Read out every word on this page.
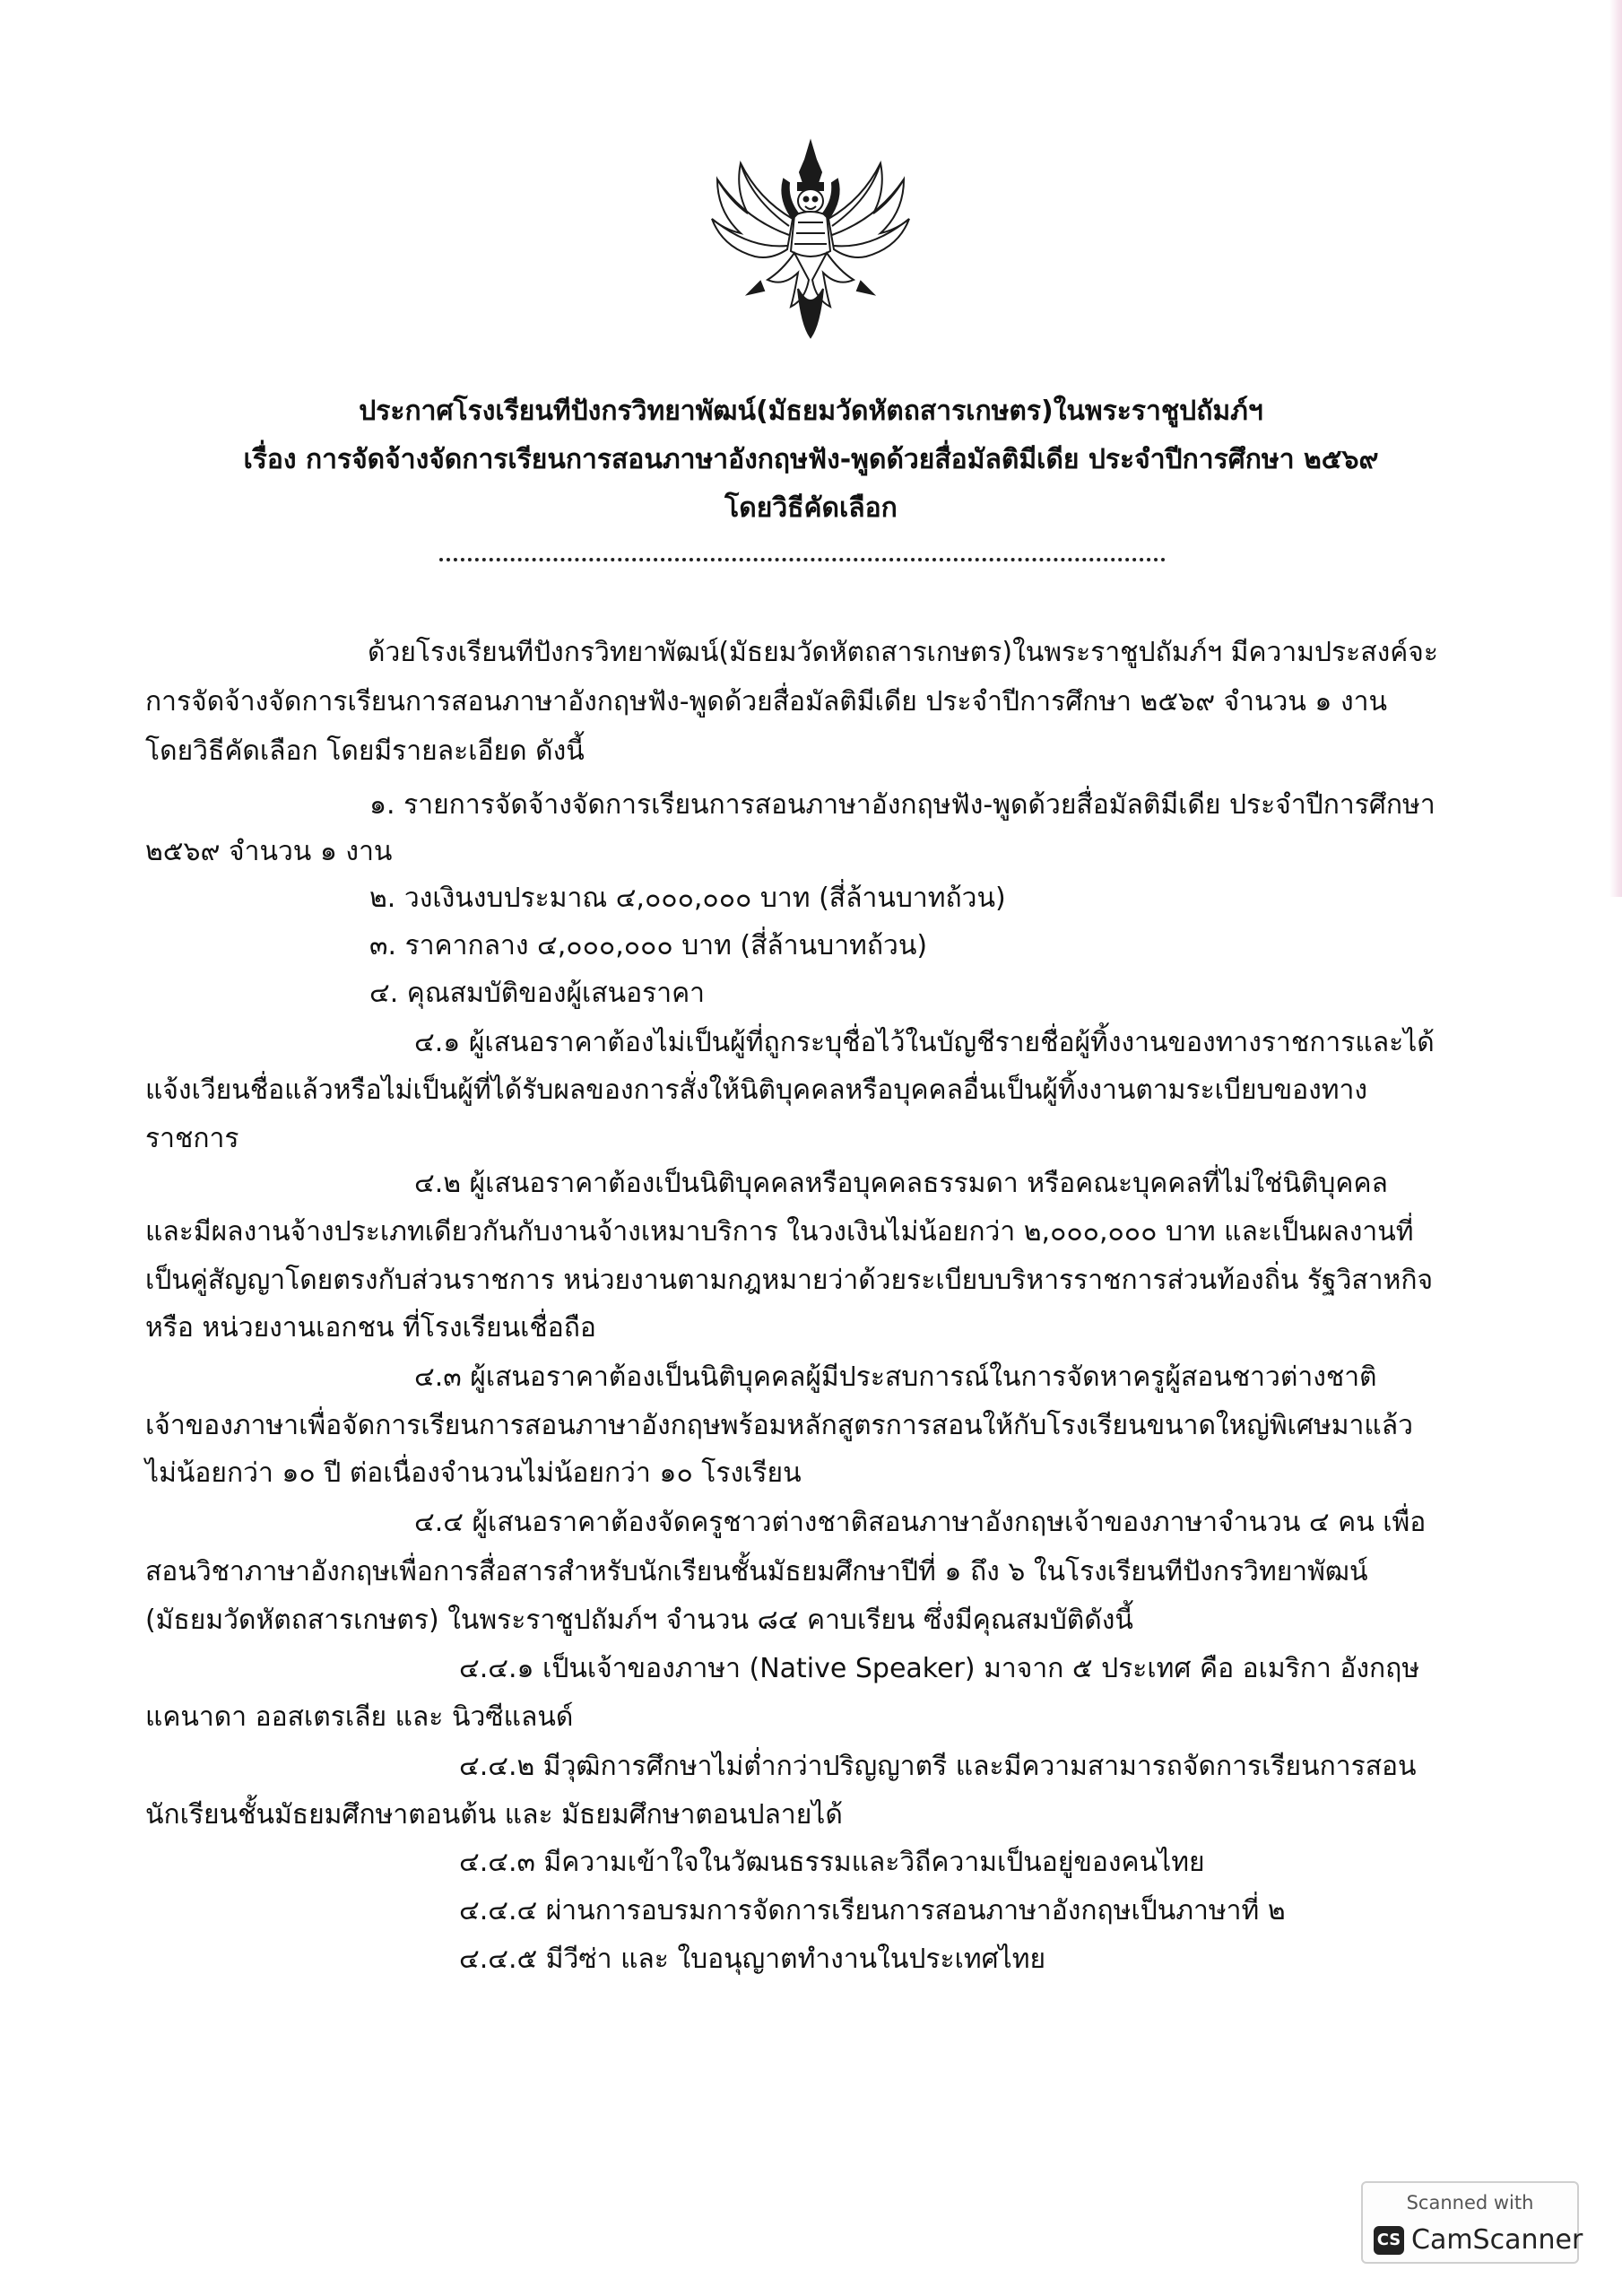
ประกาศโรงเรียนทีปังกรวิทยาพัฒน์(มัธยมวัดหัตถสารเกษตร)ในพระราชูปถัมภ์ฯ
เรื่อง การจัดจ้างจัดการเรียนการสอนภาษาอังกฤษฟัง-พูดด้วยสื่อมัลติมีเดีย ประจำปีการศึกษา ๒๕๖๙
โดยวิธีคัดเลือก
ด้วยโรงเรียนทีปังกรวิทยาพัฒน์(มัธยมวัดหัตถสารเกษตร)ในพระราชูปถัมภ์ฯ มีความประสงค์จะ
การจัดจ้างจัดการเรียนการสอนภาษาอังกฤษฟัง-พูดด้วยสื่อมัลติมีเดีย ประจำปีการศึกษา ๒๕๖๙ จำนวน ๑ งาน
โดยวิธีคัดเลือก โดยมีรายละเอียด ดังนี้
๑. รายการจัดจ้างจัดการเรียนการสอนภาษาอังกฤษฟัง-พูดด้วยสื่อมัลติมีเดีย ประจำปีการศึกษา
๒๕๖๙ จำนวน ๑ งาน
๒. วงเงินงบประมาณ ๔,๐๐๐,๐๐๐ บาท (สี่ล้านบาทถ้วน)
๓. ราคากลาง ๔,๐๐๐,๐๐๐ บาท (สี่ล้านบาทถ้วน)
๔. คุณสมบัติของผู้เสนอราคา
๔.๑ ผู้เสนอราคาต้องไม่เป็นผู้ที่ถูกระบุชื่อไว้ในบัญชีรายชื่อผู้ทิ้งงานของทางราชการและได้
แจ้งเวียนชื่อแล้วหรือไม่เป็นผู้ที่ได้รับผลของการสั่งให้นิติบุคคลหรือบุคคลอื่นเป็นผู้ทิ้งงานตามระเบียบของทาง
ราชการ
๔.๒ ผู้เสนอราคาต้องเป็นนิติบุคคลหรือบุคคลธรรมดา หรือคณะบุคคลที่ไม่ใช่นิติบุคคล
และมีผลงานจ้างประเภทเดียวกันกับงานจ้างเหมาบริการ ในวงเงินไม่น้อยกว่า ๒,๐๐๐,๐๐๐ บาท และเป็นผลงานที่
เป็นคู่สัญญาโดยตรงกับส่วนราชการ หน่วยงานตามกฎหมายว่าด้วยระเบียบบริหารราชการส่วนท้องถิ่น รัฐวิสาหกิจ
หรือ หน่วยงานเอกชน ที่โรงเรียนเชื่อถือ
๔.๓ ผู้เสนอราคาต้องเป็นนิติบุคคลผู้มีประสบการณ์ในการจัดหาครูผู้สอนชาวต่างชาติ
เจ้าของภาษาเพื่อจัดการเรียนการสอนภาษาอังกฤษพร้อมหลักสูตรการสอนให้กับโรงเรียนขนาดใหญ่พิเศษมาแล้ว
ไม่น้อยกว่า ๑๐ ปี ต่อเนื่องจำนวนไม่น้อยกว่า ๑๐ โรงเรียน
๔.๔ ผู้เสนอราคาต้องจัดครูชาวต่างชาติสอนภาษาอังกฤษเจ้าของภาษาจำนวน ๔ คน เพื่อ
สอนวิชาภาษาอังกฤษเพื่อการสื่อสารสำหรับนักเรียนชั้นมัธยมศึกษาปีที่ ๑ ถึง ๖ ในโรงเรียนทีปังกรวิทยาพัฒน์
(มัธยมวัดหัตถสารเกษตร) ในพระราชูปถัมภ์ฯ จำนวน ๘๔ คาบเรียน ซึ่งมีคุณสมบัติดังนี้
๔.๔.๑ เป็นเจ้าของภาษา (Native Speaker) มาจาก ๕ ประเทศ คือ อเมริกา อังกฤษ
แคนาดา ออสเตรเลีย และ นิวซีแลนด์
๔.๔.๒ มีวุฒิการศึกษาไม่ต่ำกว่าปริญญาตรี และมีความสามารถจัดการเรียนการสอน
นักเรียนชั้นมัธยมศึกษาตอนต้น และ มัธยมศึกษาตอนปลายได้
๔.๔.๓ มีความเข้าใจในวัฒนธรรมและวิถีความเป็นอยู่ของคนไทย
๔.๔.๔ ผ่านการอบรมการจัดการเรียนการสอนภาษาอังกฤษเป็นภาษาที่ ๒
๔.๔.๕ มีวีซ่า และ ใบอนุญาตทำงานในประเทศไทย
Scanned with
CS CamScanner
